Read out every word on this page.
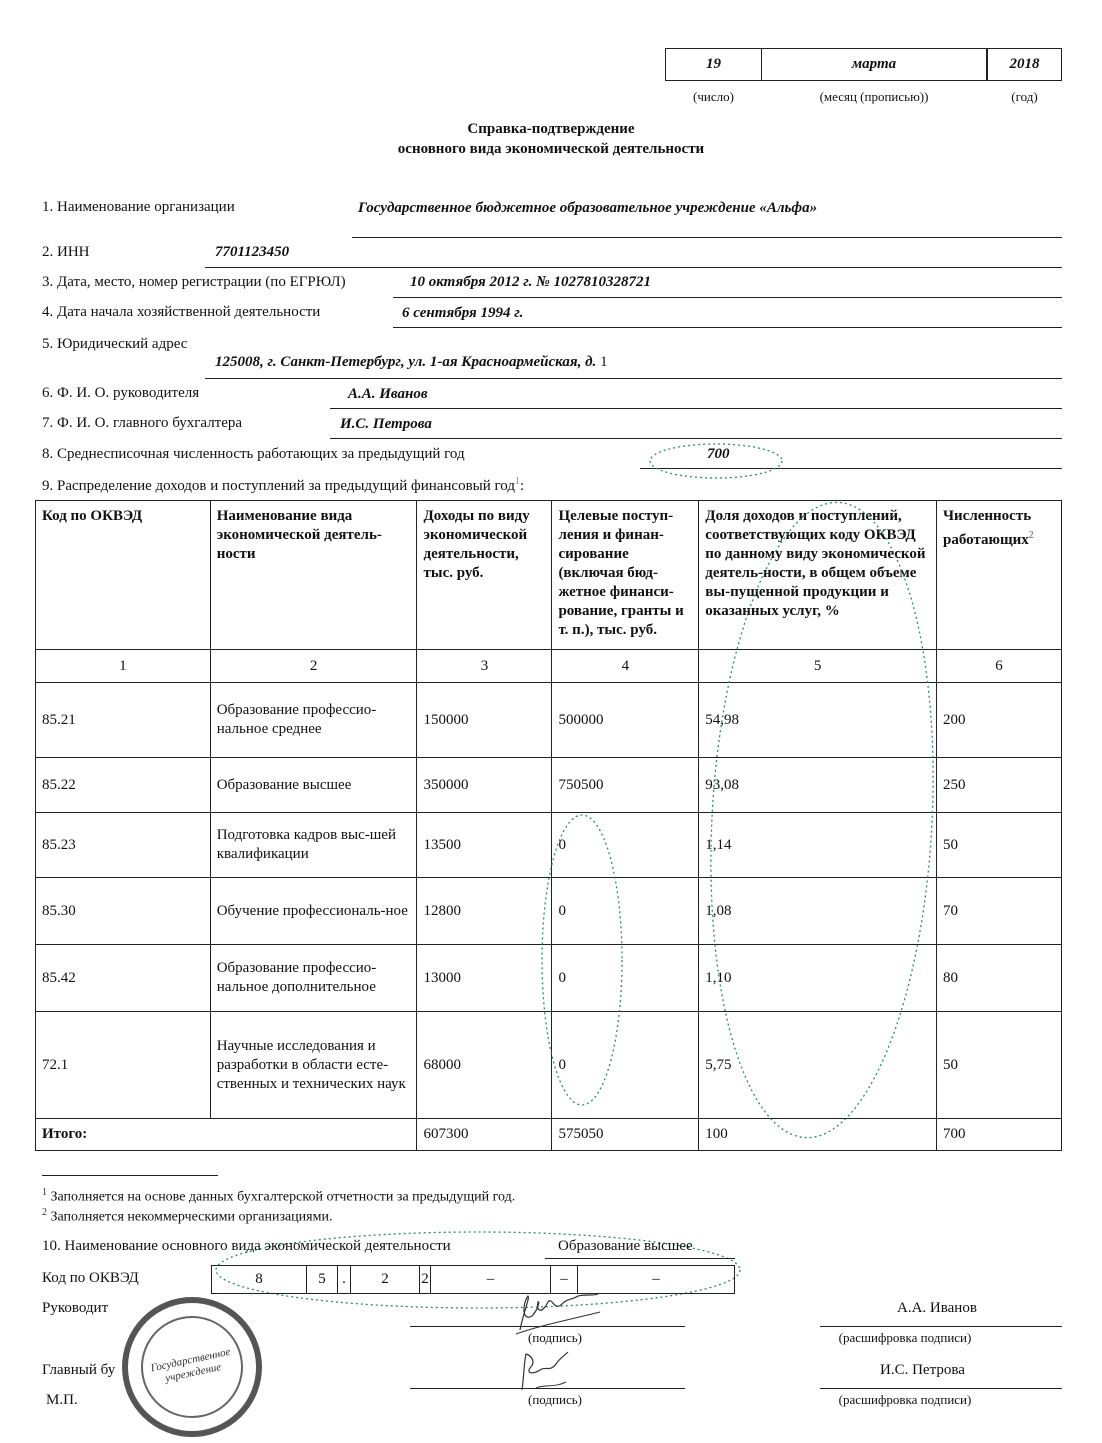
19	марта	2018
(число)	(месяц (прописью))	(год)
Справка-подтверждение
основного вида экономической деятельности
1. Наименование организации	Государственное бюджетное образовательное учреждение «Альфа»
2. ИНН	7701123450
3. Дата, место, номер регистрации (по ЕГРЮЛ)	10 октября 2012 г. № 1027810328721
4. Дата начала хозяйственной деятельности	6 сентября 1994 г.
5. Юридический адрес
125008, г. Санкт-Петербург, ул. 1-ая Красноармейская, д. 1
6. Ф. И. О. руководителя	А.А. Иванов
7. Ф. И. О. главного бухгалтера	И.С. Петрова
8. Среднесписочная численность работающих за предыдущий год	700
9. Распределение доходов и поступлений за предыдущий финансовый год$^1$:
Код по ОКВЭД	Наименование вида экономической деятель-ности	Доходы по виду экономической деятельности, тыс. руб.	Целевые поступ-ления и финан-сирование (включая бюд-жетное финанси-рование, гранты и т. п.), тыс. руб.	Доля доходов и поступлений, соответствующих коду ОКВЭД по данному виду экономической деятель-ности, в общем объеме вы-пущенной продукции и оказанных услуг, %	Численность работающих$^2$
1	2	3	4	5	6
85.21	Образование профессио-нальное среднее	150000	500000	54,98	200
85.22	Образование высшее	350000	750500	93,08	250
85.23	Подготовка кадров выс-шей квалификации	13500	0	1,14	50
85.30	Обучение профессиональ-ное	12800	0	1,08	70
85.42	Образование профессио-нальное дополнительное	13000	0	1,10	80
72.1	Научные исследования и разработки в области есте-ственных и технических наук	68000	0	5,75	50
Итого:		607300	575050	100	700
$^1$ Заполняется на основе данных бухгалтерской отчетности за предыдущий год.
$^2$ Заполняется некоммерческими организациями.
10. Наименование основного вида экономической деятельности	Образование высшее
Код по ОКВЭД	8	5	.	2	2	–	–	–
Руководит	А.А. Иванов
(подпись)	(расшифровка подписи)
Главный бу	И.С. Петрова
(подпись)	(расшифровка подписи)
М.П.
Государственное учреждение
